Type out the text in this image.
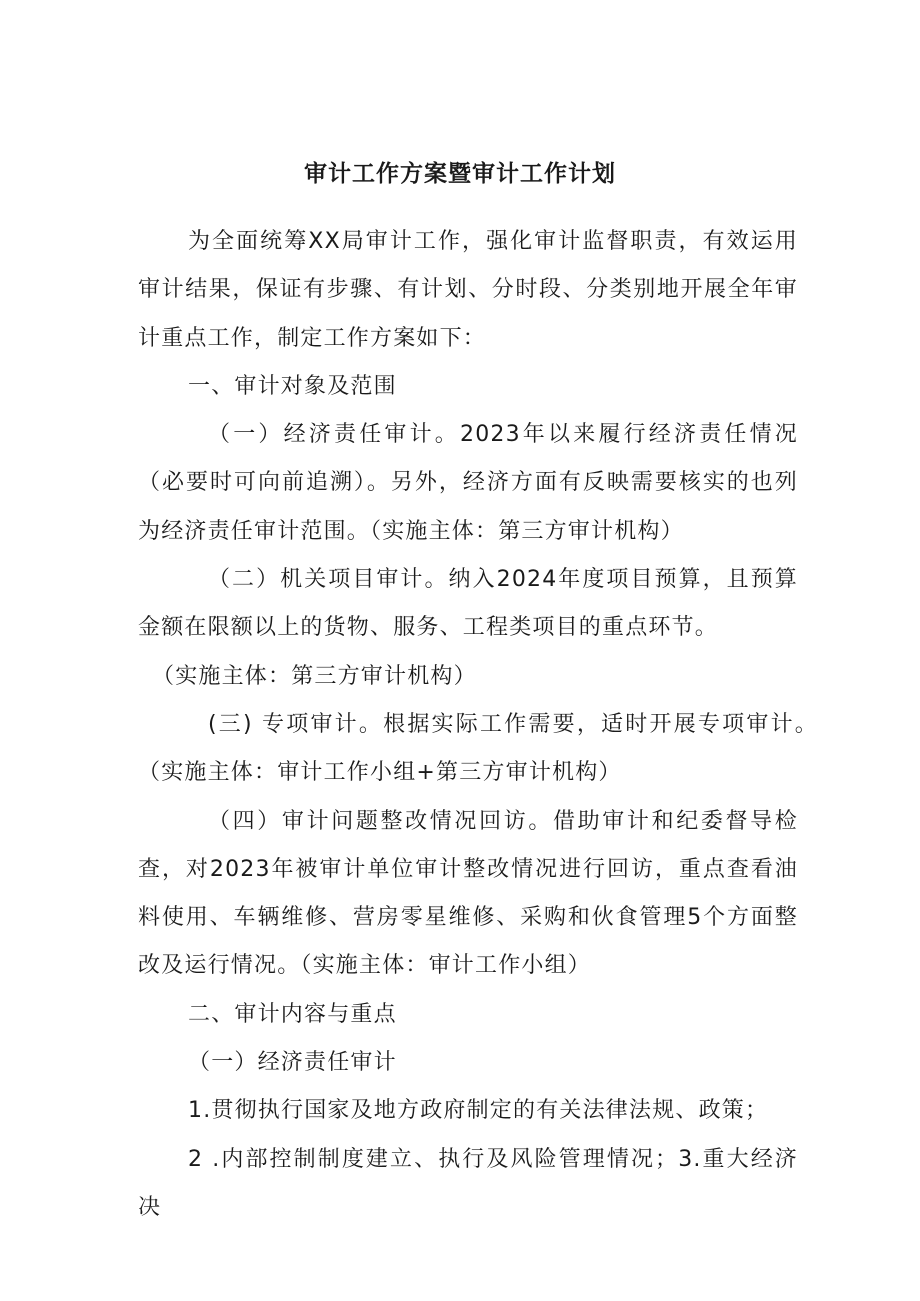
审计工作方案暨审计工作计划

为全面统筹XX局审计工作，强化审计监督职责，有效运用审计结果，保证有步骤、有计划、分时段、分类别地开展全年审计重点工作，制定工作方案如下：

一、审计对象及范围

（一）经济责任审计。2023年以来履行经济责任情况（必要时可向前追溯）。另外，经济方面有反映需要核实的也列为经济责任审计范围。（实施主体：第三方审计机构）

（二）机关项目审计。纳入2024年度项目预算，且预算金额在限额以上的货物、服务、工程类项目的重点环节。

（实施主体：第三方审计机构）

(三) 专项审计。根据实际工作需要，适时开展专项审计。（实施主体：审计工作小组+第三方审计机构）

（四）审计问题整改情况回访。借助审计和纪委督导检查，对2023年被审计单位审计整改情况进行回访，重点查看油料使用、车辆维修、营房零星维修、采购和伙食管理5个方面整改及运行情况。（实施主体：审计工作小组）

二、审计内容与重点

（一）经济责任审计

1.贯彻执行国家及地方政府制定的有关法律法规、政策；

2 .内部控制制度建立、执行及风险管理情况；3.重大经济决
